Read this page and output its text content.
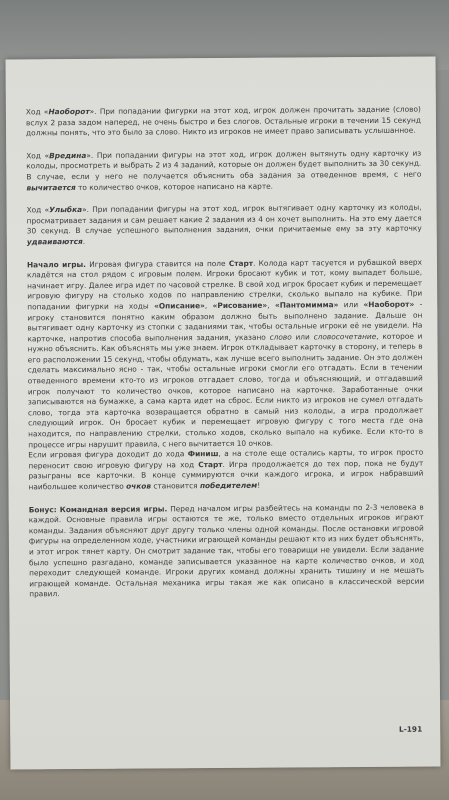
Ход «Наоборот». При попадании фигурки на этот ход, игрок должен прочитать задание (слово) вслух 2 раза задом наперед, не очень быстро и без слогов. Остальные игроки в течении 15 секунд должны понять, что это было за слово. Никто из игроков не имеет право записывать услышанное.

Ход «Вредина». При попадании фигуры на этот ход, игрок должен вытянуть одну карточку из колоды, просмотреть и выбрать 2 из 4 заданий, которые он должен будет выполнить за 30 секунд. В случае, если у него не получается объяснить оба задания за отведенное время, с него вычитается то количество очков, которое написано на карте.

Ход «Улыбка». При попадании фигуры на этот ход, игрок вытягивает одну карточку из колоды, просматривает задания и сам решает какие 2 задания из 4 он хочет выполнить. На это ему дается 30 секунд. В случае успешного выполнения задания, очки причитаемые ему за эту карточку удваиваются.

Начало игры. Игровая фигура ставится на поле Старт. Колода карт тасуется и рубашкой вверх кладётся на стол рядом с игровым полем. Игроки бросают кубик и тот, кому выпадет больше, начинает игру. Далее игра идет по часовой стрелке. В свой ход игрок бросает кубик и перемещает игровую фигуру на столько ходов по направлению стрелки, сколько выпало на кубике. При попадании фигурки на ходы «Описание», «Рисование», «Пантомимма» или «Наоборот» - игроку становится понятно каким образом должно быть выполнено задание. Дальше он вытягивает одну карточку из стопки с заданиями так, чтобы остальные игроки её не увидели. На карточке, напротив способа выполнения задания, указано слово или словосочетание, которое и нужно объяснить. Как объяснять мы уже знаем. Игрок откладывает карточку в сторону, и теперь в его расположении 15 секунд, чтобы обдумать, как лучше всего выполнить задание. Он это должен сделать максимально ясно - так, чтобы остальные игроки смогли его отгадать. Если в течении отведенного времени кто-то из игроков отгадает слово, тогда и объясняющий, и отгадавший игрок получают то количество очков, которое написано на карточке. Заработанные очки записываются на бумажке, а сама карта идет на сброс. Если никто из игроков не сумел отгадать слово, тогда эта карточка возвращается обратно в самый низ колоды, а игра продолжает следующий игрок. Он бросает кубик и перемещает игровую фигуру с того места где она находится, по направлению стрелки, столько ходов, сколько выпало на кубике. Если кто-то в процессе игры нарушит правила, с него вычитается 10 очков.

Если игровая фигура доходит до хода Финиш, а на столе еще остались карты, то игрок просто переносит свою игровую фигуру на ход Старт. Игра продолжается до тех пор, пока не будут разыграны все карточки. В конце суммируются очки каждого игрока, и игрок набравший наибольшее количество очков становится победителем!

Бонус: Командная версия игры. Перед началом игры разбейтесь на команды по 2-3 человека в каждой. Основные правила игры остаются те же, только вместо отдельных игроков играют команды. Задания объясняют друг другу только члены одной команды. После остановки игровой фигуры на определенном ходе, участники играющей команды решают кто из них будет объяснять, и этот игрок тянет карту. Он смотрит задание так, чтобы его товарищи не увидели. Если задание было успешно разгадано, команде записывается указанное на карте количество очков, и ход переходит следующей команде. Игроки других команд должны хранить тишину и не мешать играющей команде. Остальная механика игры такая же как описано в классической версии правил.

L-191
